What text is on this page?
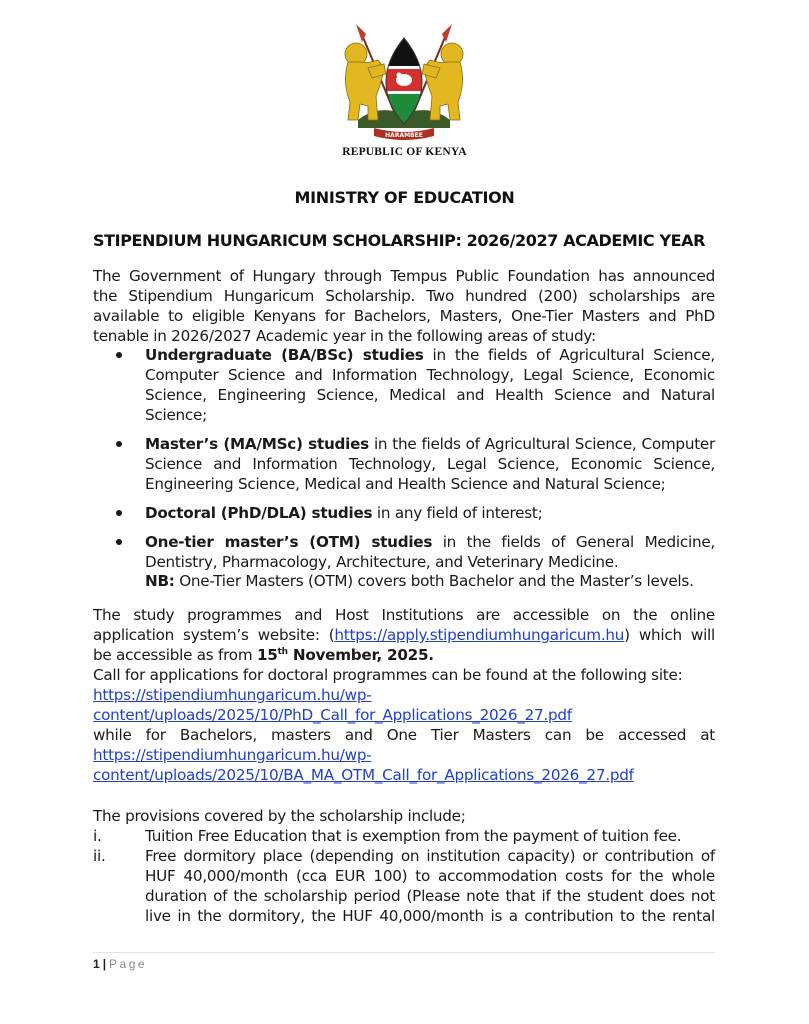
HARAMBEE
REPUBLIC OF KENYA
MINISTRY OF EDUCATION
STIPENDIUM HUNGARICUM SCHOLARSHIP: 2026/2027 ACADEMIC YEAR
The Government of Hungary through Tempus Public Foundation has announced
the Stipendium Hungaricum Scholarship. Two hundred (200) scholarships are
available to eligible Kenyans for Bachelors, Masters, One-Tier Masters and PhD
tenable in 2026/2027 Academic year in the following areas of study:
Undergraduate (BA/BSc) studies in the fields of Agricultural Science, Computer Science and Information Technology, Legal Science, Economic Science, Engineering Science, Medical and Health Science and Natural Science;
Master’s (MA/MSc) studies in the fields of Agricultural Science, Computer Science and Information Technology, Legal Science, Economic Science, Engineering Science, Medical and Health Science and Natural Science;
Doctoral (PhD/DLA) studies in any field of interest;
One-tier master’s (OTM) studies in the fields of General Medicine, Dentistry, Pharmacology, Architecture, and Veterinary Medicine.
NB: One-Tier Masters (OTM) covers both Bachelor and the Master’s levels.
The study programmes and Host Institutions are accessible on the online application system’s website: (https://apply.stipendiumhungaricum.hu) which will be accessible as from 15th November, 2025.
Call for applications for doctoral programmes can be found at the following site:
https://stipendiumhungaricum.hu/wp-
content/uploads/2025/10/PhD_Call_for_Applications_2026_27.pdf
while for Bachelors, masters and One Tier Masters can be accessed at
https://stipendiumhungaricum.hu/wp-
content/uploads/2025/10/BA_MA_OTM_Call_for_Applications_2026_27.pdf
The provisions covered by the scholarship include;
i.	Tuition Free Education that is exemption from the payment of tuition fee.
ii.	Free dormitory place (depending on institution capacity) or contribution of HUF 40,000/month (cca EUR 100) to accommodation costs for the whole duration of the scholarship period (Please note that if the student does not live in the dormitory, the HUF 40,000/month is a contribution to the rental
1 | Page
